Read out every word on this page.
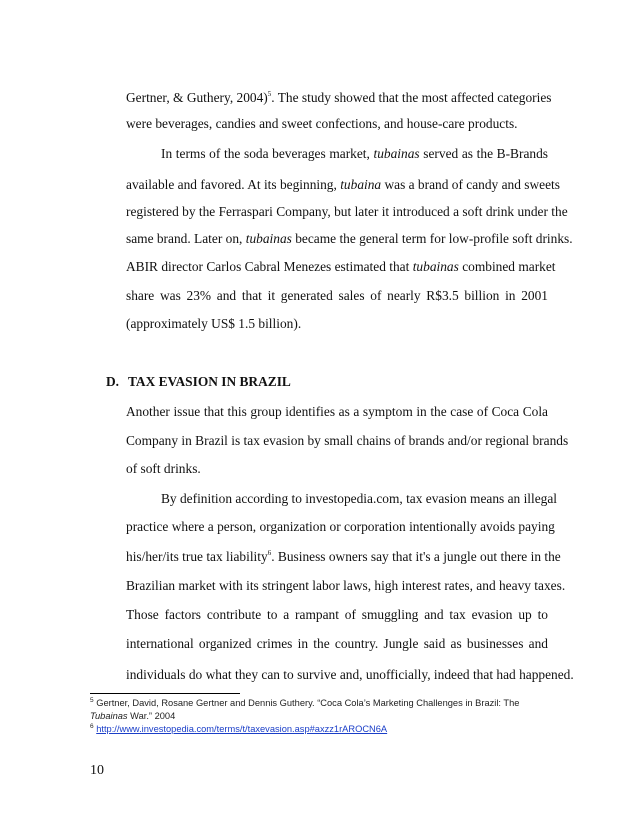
Gertner, & Guthery, 2004)$^5$. The study showed that the most affected categories
were beverages, candies and sweet confections, and house-care products.
In terms of the soda beverages market, tubainas served as the B-Brands
available and favored. At its beginning, tubaina was a brand of candy and sweets
registered by the Ferraspari Company, but later it introduced a soft drink under the
same brand. Later on, tubainas became the general term for low-profile soft drinks.
ABIR director Carlos Cabral Menezes estimated that tubainas combined market
share was 23% and that it generated sales of nearly R$3.5 billion in 2001
(approximately US$ 1.5 billion).
D. TAX EVASION IN BRAZIL
Another issue that this group identifies as a symptom in the case of Coca Cola
Company in Brazil is tax evasion by small chains of brands and/or regional brands
of soft drinks.
By definition according to investopedia.com, tax evasion means an illegal
practice where a person, organization or corporation intentionally avoids paying
his/her/its true tax liability$^6$. Business owners say that it's a jungle out there in the
Brazilian market with its stringent labor laws, high interest rates, and heavy taxes.
Those factors contribute to a rampant of smuggling and tax evasion up to
international organized crimes in the country. Jungle said as businesses and
individuals do what they can to survive and, unofficially, indeed that had happened.
$^5$ Gertner, David, Rosane Gertner and Dennis Guthery. “Coca Cola’s Marketing Challenges in Brazil: The
Tubainas War.” 2004
$^6$ http://www.investopedia.com/terms/t/taxevasion.asp#axzz1rAROCN6A
10
